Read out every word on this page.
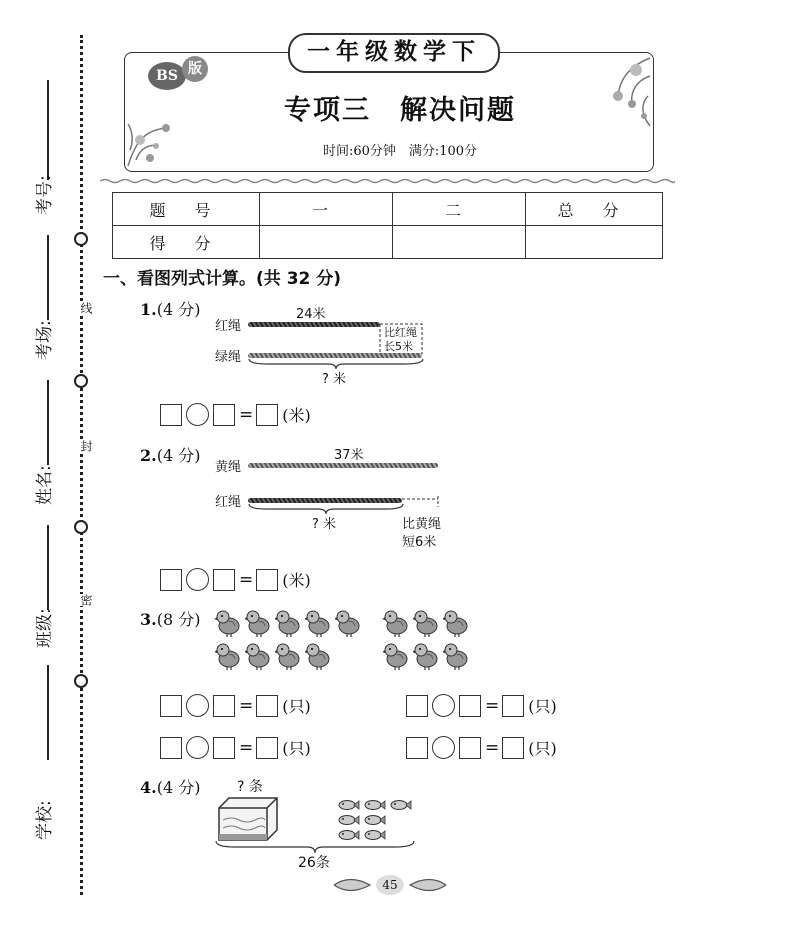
考号:
考场:
姓名:
班级:
学校:
线
封
密
一年级数学下
BS 版
专项三　解决问题
时间:60分钟　满分:100分
题 号	一	二	总 分
得 分			
一、看图列式计算。(共 32 分)
1.(4 分)
红绳
24米
绿绳
比红绳
长5米
? 米
= (米)
2.(4 分)
黄绳
37米
红绳
? 米	比黄绳
短6米
= (米)
3.(8 分)
= (只)	= (只)
= (只)	= (只)
4.(4 分)	? 条
26条
45
